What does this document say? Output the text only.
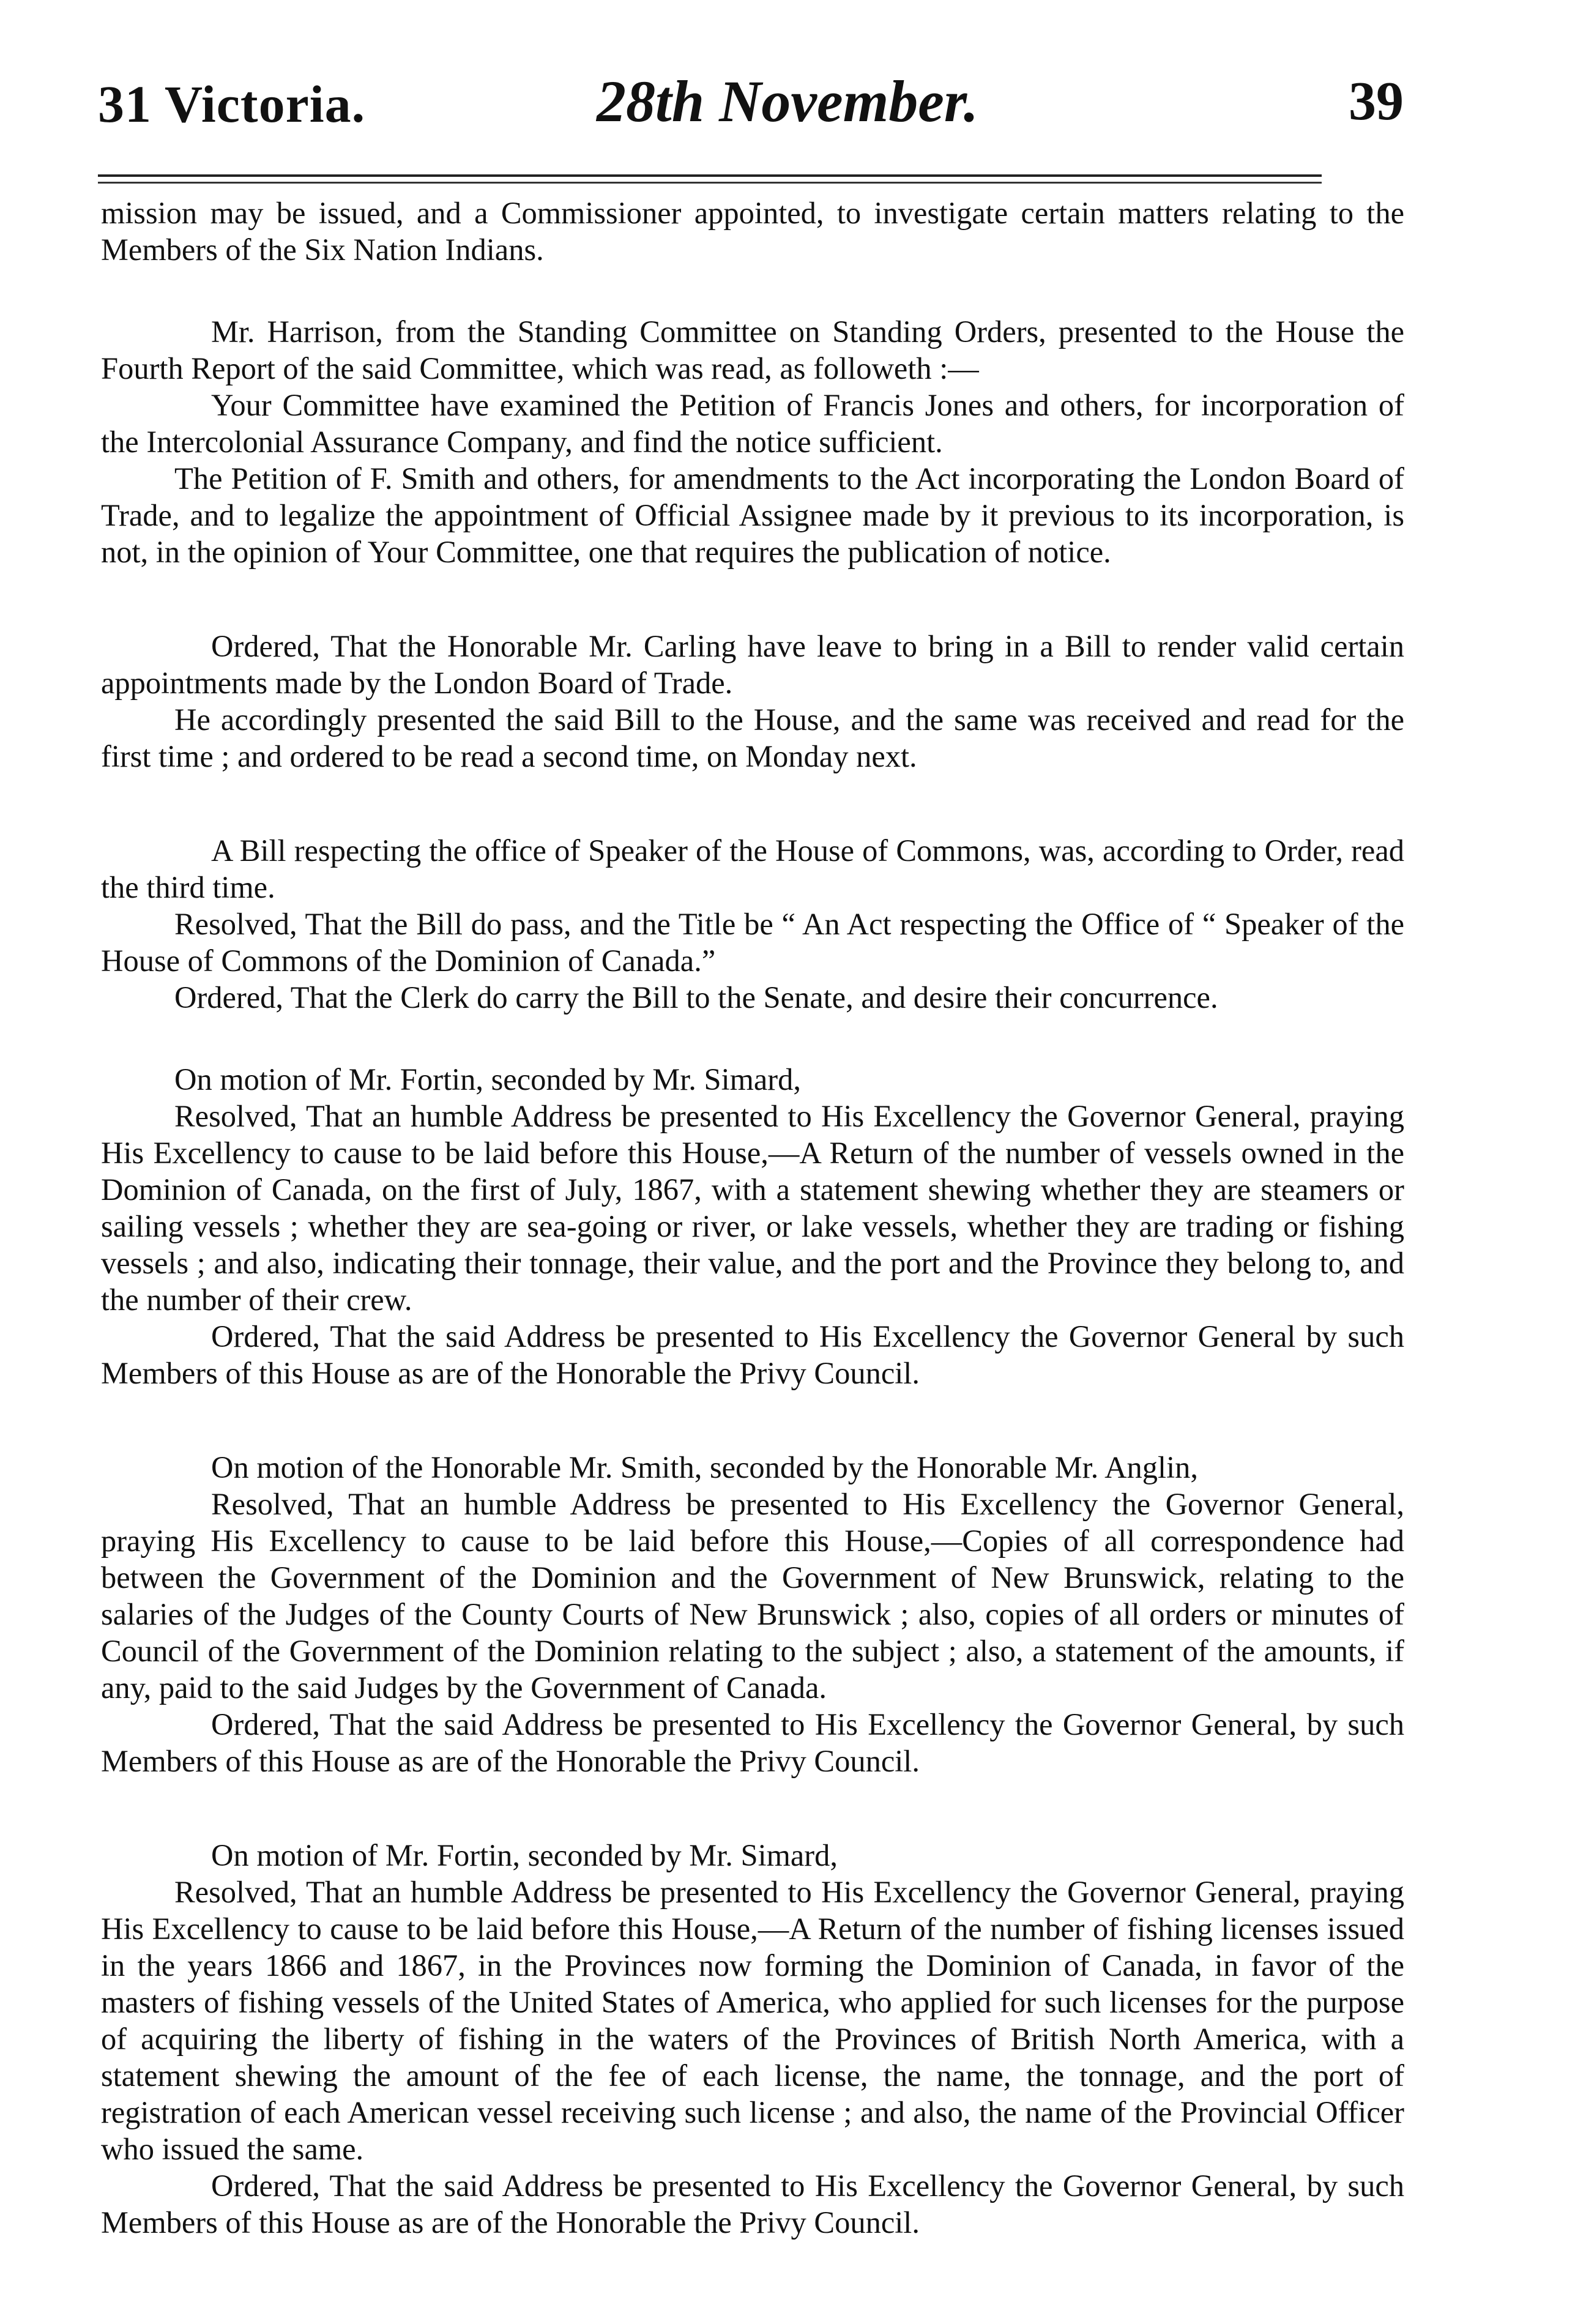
31 Victoria.	28th November.	39

mission may be issued, and a Commissioner appointed, to investigate certain matters relating to the Members of the Six Nation Indians.

Mr. Harrison, from the Standing Committee on Standing Orders, presented to the House the Fourth Report of the said Committee, which was read, as followeth :—

Your Committee have examined the Petition of Francis Jones and others, for incorporation of the Intercolonial Assurance Company, and find the notice sufficient.

The Petition of F. Smith and others, for amendments to the Act incorporating the London Board of Trade, and to legalize the appointment of Official Assignee made by it previous to its incorporation, is not, in the opinion of Your Committee, one that requires the publication of notice.

Ordered, That the Honorable Mr. Carling have leave to bring in a Bill to render valid certain appointments made by the London Board of Trade.

He accordingly presented the said Bill to the House, and the same was received and read for the first time ; and ordered to be read a second time, on Monday next.

A Bill respecting the office of Speaker of the House of Commons, was, according to Order, read the third time.

Resolved, That the Bill do pass, and the Title be “ An Act respecting the Office of “ Speaker of the House of Commons of the Dominion of Canada.”

Ordered, That the Clerk do carry the Bill to the Senate, and desire their concurrence.

On motion of Mr. Fortin, seconded by Mr. Simard,

Resolved, That an humble Address be presented to His Excellency the Governor General, praying His Excellency to cause to be laid before this House,—A Return of the number of vessels owned in the Dominion of Canada, on the first of July, 1867, with a statement shewing whether they are steamers or sailing vessels ; whether they are sea-going or river, or lake vessels, whether they are trading or fishing vessels ; and also, indicating their tonnage, their value, and the port and the Province they belong to, and the number of their crew.

Ordered, That the said Address be presented to His Excellency the Governor General by such Members of this House as are of the Honorable the Privy Council.

On motion of the Honorable Mr. Smith, seconded by the Honorable Mr. Anglin,

Resolved, That an humble Address be presented to His Excellency the Governor General, praying His Excellency to cause to be laid before this House,—Copies of all correspondence had between the Government of the Dominion and the Government of New Brunswick, relating to the salaries of the Judges of the County Courts of New Brunswick ; also, copies of all orders or minutes of Council of the Government of the Dominion relating to the subject ; also, a statement of the amounts, if any, paid to the said Judges by the Government of Canada.

Ordered, That the said Address be presented to His Excellency the Governor General, by such Members of this House as are of the Honorable the Privy Council.

On motion of Mr. Fortin, seconded by Mr. Simard,

Resolved, That an humble Address be presented to His Excellency the Governor General, praying His Excellency to cause to be laid before this House,—A Return of the number of fishing licenses issued in the years 1866 and 1867, in the Provinces now forming the Dominion of Canada, in favor of the masters of fishing vessels of the United States of America, who applied for such licenses for the purpose of acquiring the liberty of fishing in the waters of the Provinces of British North America, with a statement shewing the amount of the fee of each license, the name, the tonnage, and the port of registration of each American vessel receiving such license ; and also, the name of the Provincial Officer who issued the same.

Ordered, That the said Address be presented to His Excellency the Governor General, by such Members of this House as are of the Honorable the Privy Council.
